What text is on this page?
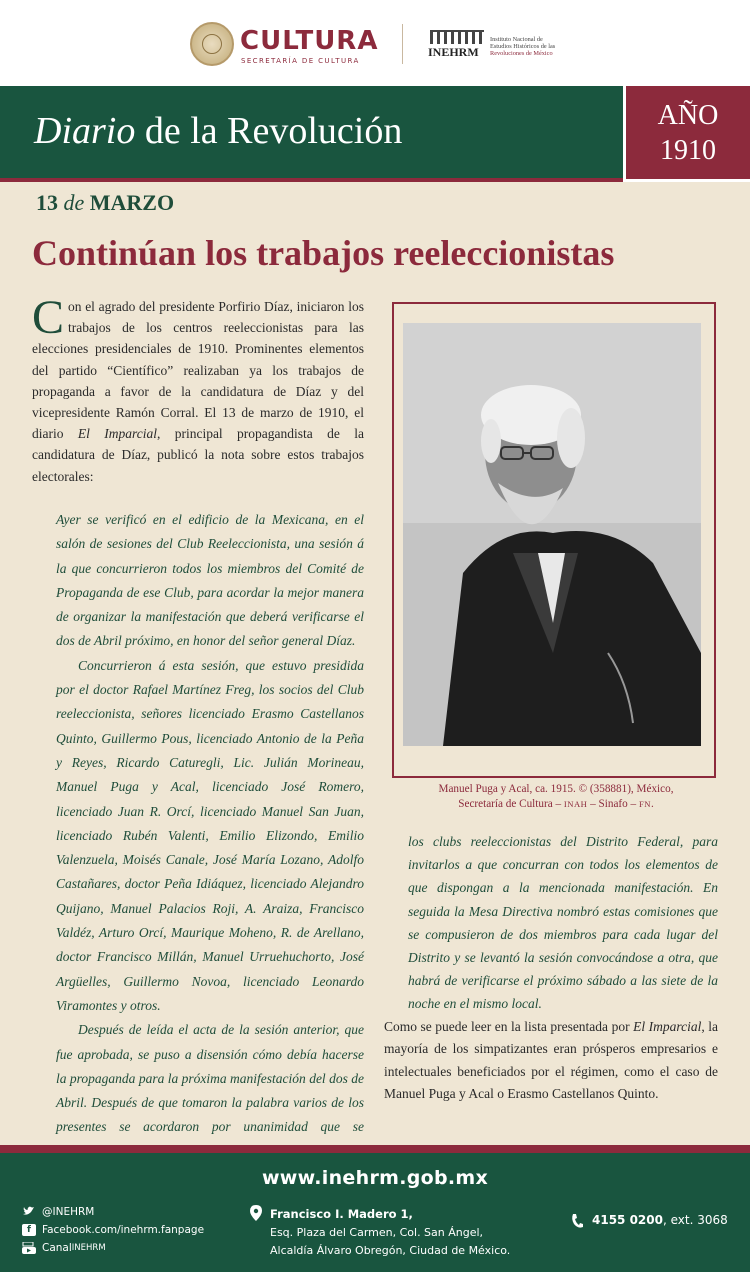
CULTURA
SECRETARÍA DE CULTURA
INEHRM
Instituto Nacional de
Estudios Históricos de las
Revoluciones de México
Diario de la Revolución	AÑO
1910
13 de MARZO
Continúan los trabajos reeleccionistas
Con el agrado del presidente Porfirio Díaz, iniciaron los trabajos de los centros reeleccionistas para las elecciones presidenciales de 1910. Prominentes elementos del partido “Científico” realizaban ya los trabajos de propaganda a favor de la candidatura de Díaz y del vicepresidente Ramón Corral. El 13 de marzo de 1910, el diario El Imparcial, principal propagandista de la candidatura de Díaz, publicó la nota sobre estos trabajos electorales:

Ayer se verificó en el edificio de la Mexicana, en el salón de sesiones del Club Reeleccionista, una sesión á la que concurrieron todos los miembros del Comité de Propaganda de ese Club, para acordar la mejor manera de organizar la manifestación que deberá verificarse el dos de Abril próximo, en honor del señor general Díaz.

Concurrieron á esta sesión, que estuvo presidida por el doctor Rafael Martínez Freg, los socios del Club reeleccionista, señores licenciado Erasmo Castellanos Quinto, Guillermo Pous, licenciado Antonio de la Peña y Reyes, Ricardo Caturegli, Lic. Julián Morineau, Manuel Puga y Acal, licenciado José Romero, licenciado Juan R. Orcí, licenciado Manuel San Juan, licenciado Rubén Valenti, Emilio Elizondo, Emilio Valenzuela, Moisés Canale, José María Lozano, Adolfo Castañares, doctor Peña Idiáquez, licenciado Alejandro Quijano, Manuel Palacios Roji, A. Araiza, Francisco Valdéz, Arturo Orcí, Maurique Moheno, R. de Arellano, doctor Francisco Millán, Manuel Urruehuchorto, José Argüelles, Guillermo Novoa, licenciado Leonardo Viramontes y otros.

Después de leída el acta de la sesión anterior, que fue aprobada, se puso a disensión cómo debía hacerse la propaganda para la próxima manifestación del dos de Abril. Después de que tomaron la palabra varios de los presentes se acordaron por unanimidad que se

Manuel Puga y Acal, ca. 1915. © (358881), México,
Secretaría de Cultura – INAH – Sinafo – FN.
los clubs reeleccionistas del Distrito Federal, para invitarlos a que concurran con todos los elementos de que dispongan a la mencionada manifestación. En seguida la Mesa Directiva nombró estas comisiones que se compusieron de dos miembros para cada lugar del Distrito y se levantó la sesión convocándose a otra, que habrá de verificarse el próximo sábado a las siete de la noche en el mismo local.
Como se puede leer en la lista presentada por El Imparcial, la mayoría de los simpatizantes eran prósperos empresarios e intelectuales beneficiados por el régimen, como el caso de Manuel Puga y Acal o Erasmo Castellanos Quinto.
www.inehrm.gob.mx
@INEHRM
f	Facebook.com/inehrm.fanpage
Canal INEHRM
Francisco I. Madero 1,
Esq. Plaza del Carmen, Col. San Ángel,
Alcaldía Álvaro Obregón, Ciudad de México.
4155 0200, ext. 3068
